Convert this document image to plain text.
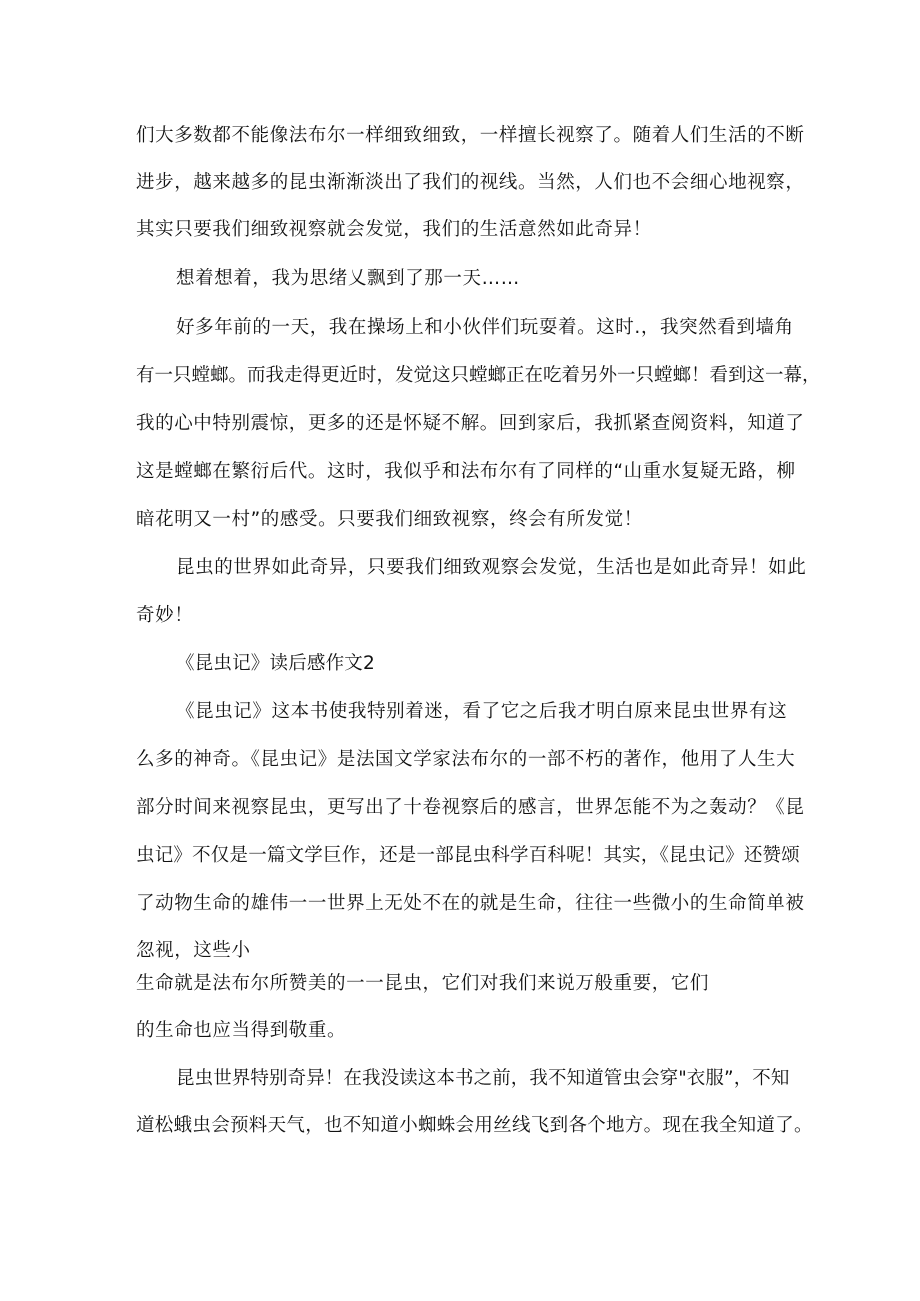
们大多数都不能像法布尔一样细致细致，一样擅长视察了。随着人们生活的不断
进步，越来越多的昆虫渐渐淡出了我们的视线。当然，人们也不会细心地视察，
其实只要我们细致视察就会发觉，我们的生活意然如此奇异！
想着想着，我为思绪乂飘到了那一天……
好多年前的一天，我在操场上和小伙伴们玩耍着。这时.，我突然看到墙角
有一只螳螂。而我走得更近时，发觉这只螳螂正在吃着另外一只螳螂！看到这一幕，
我的心中特别震惊，更多的还是怀疑不解。回到家后，我抓紧查阅资料，知道了
这是螳螂在繁衍后代。这时，我似乎和法布尔有了同样的“山重水复疑无路，柳
暗花明又一村”的感受。只要我们细致视察，终会有所发觉！
昆虫的世界如此奇异，只要我们细致观察会发觉，生活也是如此奇异！如此
奇妙！
《昆虫记》读后感作文2
《昆虫记》这本书使我特别着迷，看了它之后我才明白原来昆虫世界有这
么多的神奇。《昆虫记》是法国文学家法布尔的一部不朽的著作，他用了人生大
部分时间来视察昆虫，更写出了十卷视察后的感言，世界怎能不为之轰动？《昆
虫记》不仅是一篇文学巨作，还是一部昆虫科学百科呢！其实，《昆虫记》还赞颂
了动物生命的雄伟一一世界上无处不在的就是生命，往往一些微小的生命简单被
忽视，这些小
生命就是法布尔所赞美的一一昆虫，它们对我们来说万般重要，它们
的生命也应当得到敬重。
昆虫世界特别奇异！在我没读这本书之前，我不知道管虫会穿"衣服”，不知
道松蛾虫会预料天气，也不知道小蜘蛛会用丝线飞到各个地方。现在我全知道了。
